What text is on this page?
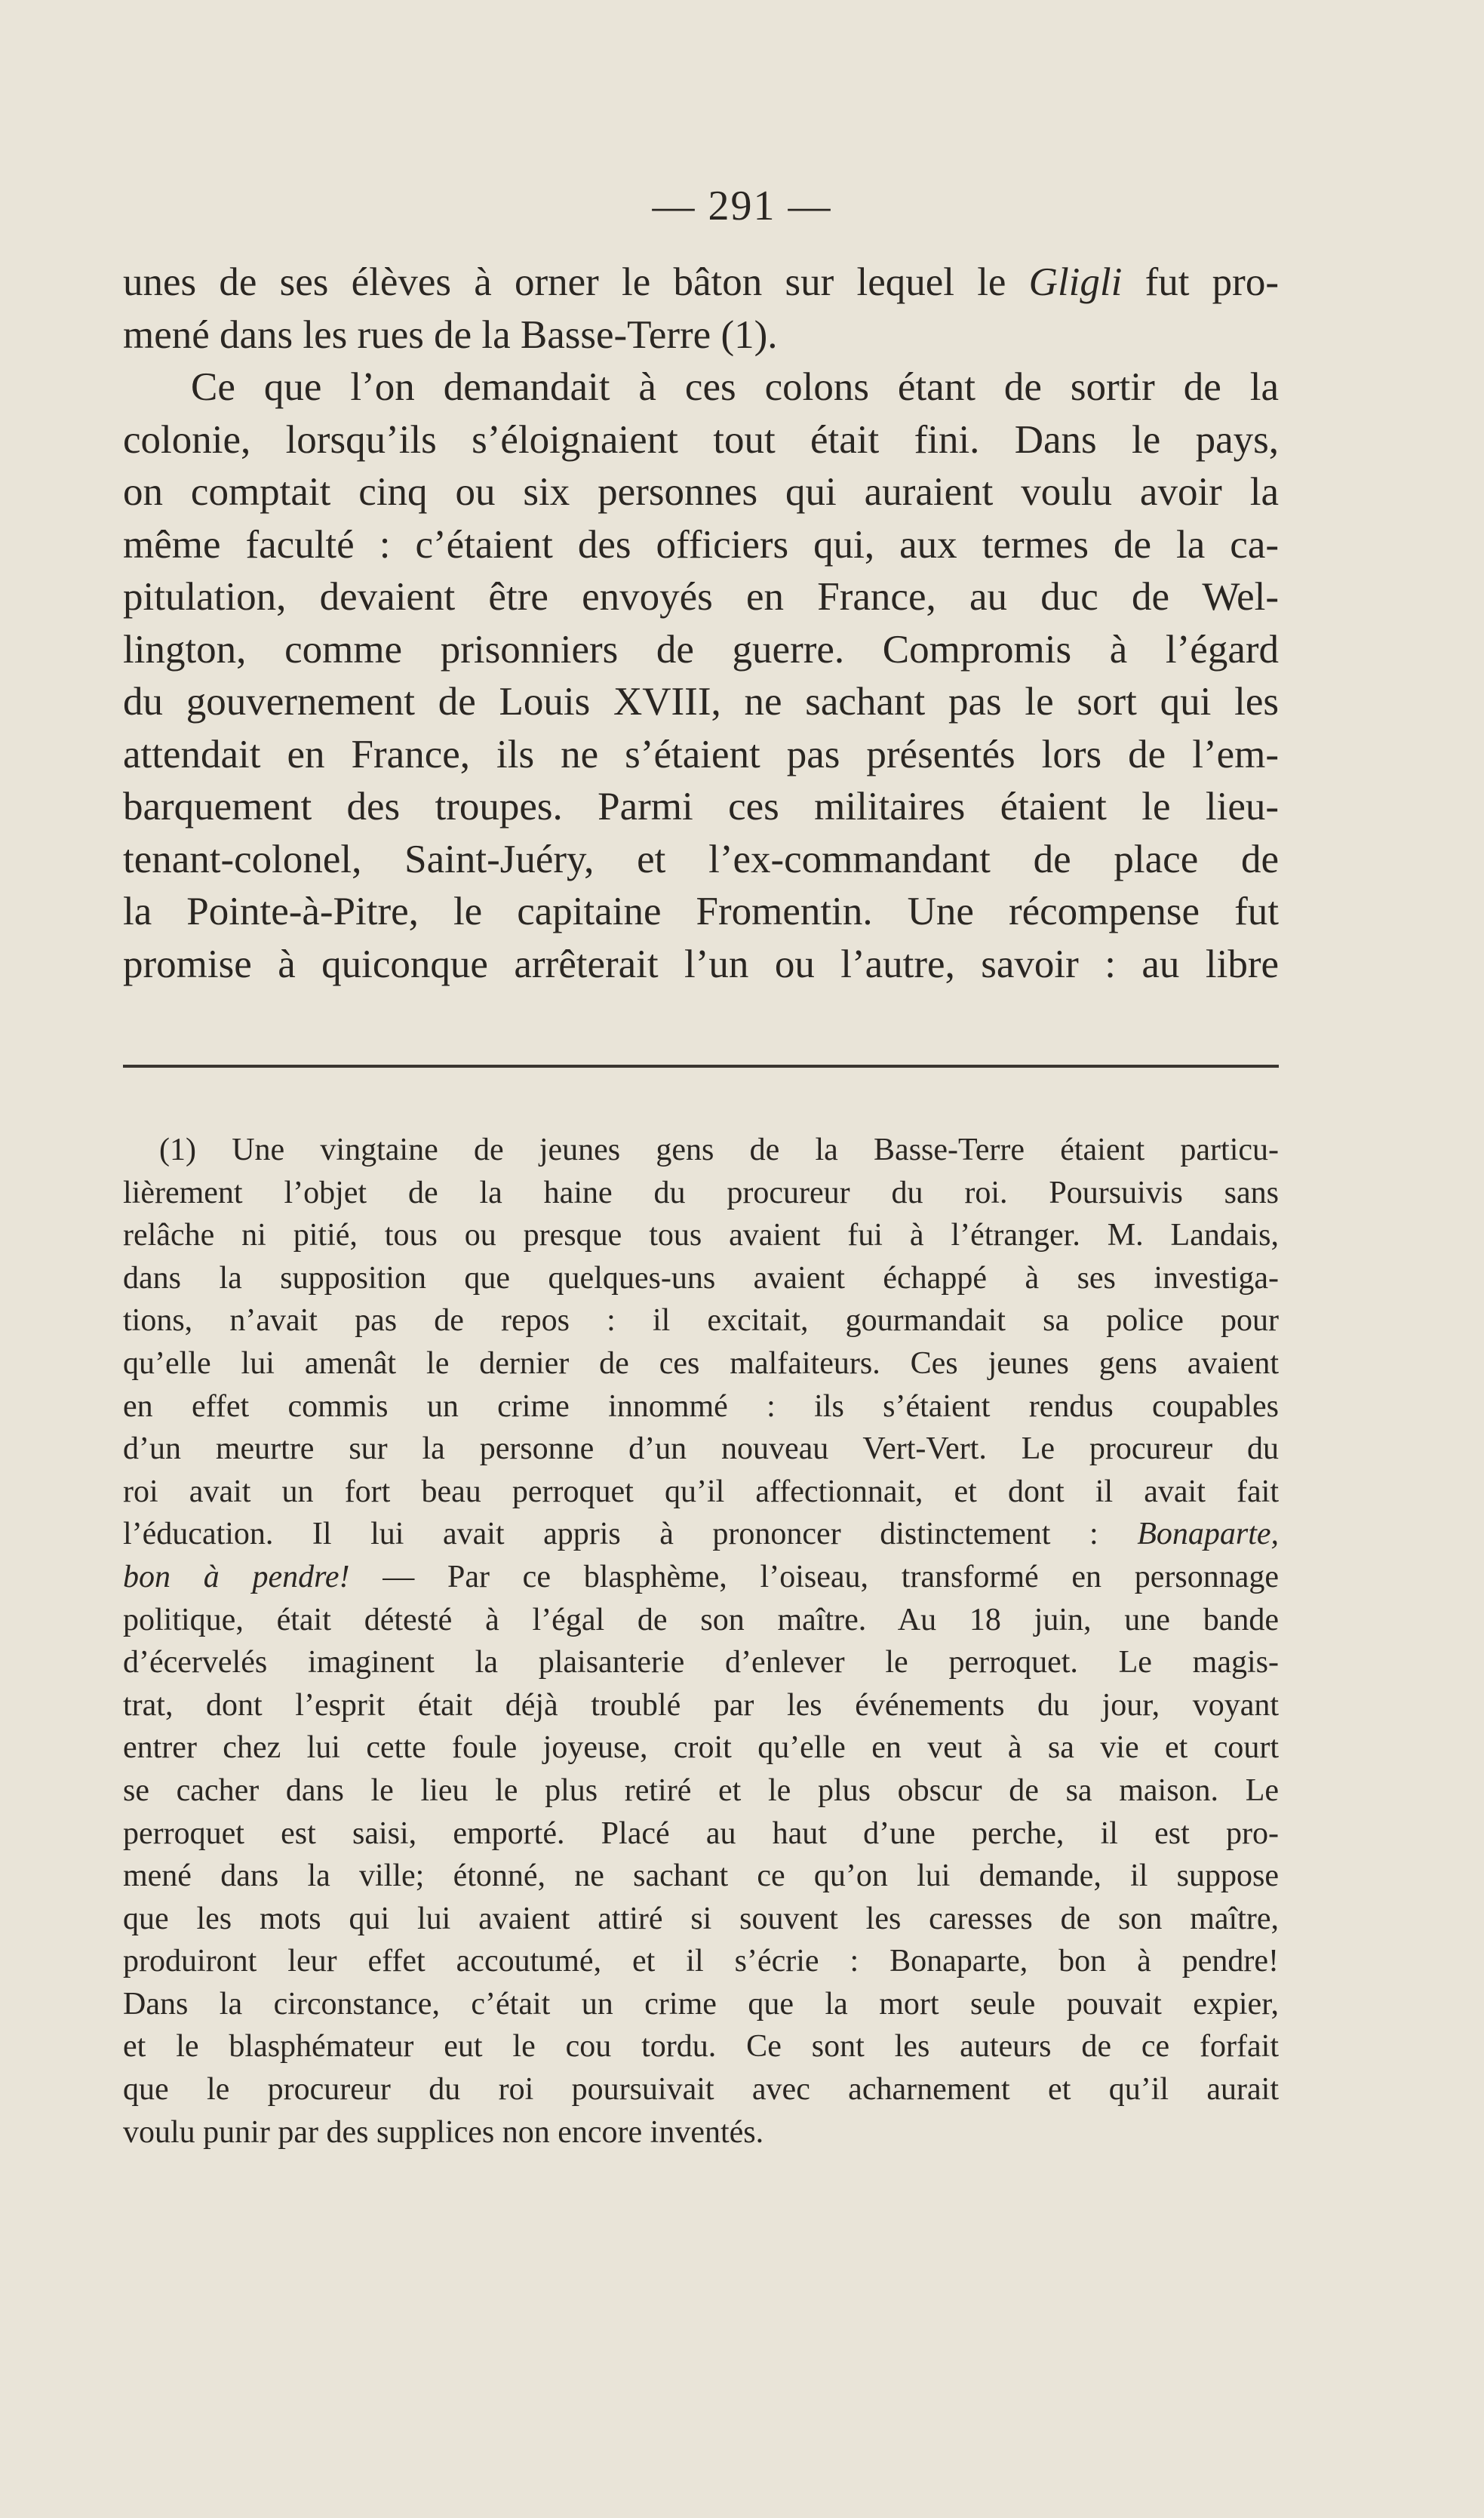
— 291 —
unes de ses élèves à orner le bâton sur lequel le Gligli fut pro-
mené dans les rues de la Basse-Terre (1).
Ce que l’on demandait à ces colons étant de sortir de la
colonie, lorsqu’ils s’éloignaient tout était fini. Dans le pays,
on comptait cinq ou six personnes qui auraient voulu avoir la
même faculté : c’étaient des officiers qui, aux termes de la ca-
pitulation, devaient être envoyés en France, au duc de Wel-
lington, comme prisonniers de guerre. Compromis à l’égard
du gouvernement de Louis XVIII, ne sachant pas le sort qui les
attendait en France, ils ne s’étaient pas présentés lors de l’em-
barquement des troupes. Parmi ces militaires étaient le lieu-
tenant-colonel, Saint-Juéry, et l’ex-commandant de place de
la Pointe-à-Pitre, le capitaine Fromentin. Une récompense fut
promise à quiconque arrêterait l’un ou l’autre, savoir : au libre
(1) Une vingtaine de jeunes gens de la Basse-Terre étaient particu-
lièrement l’objet de la haine du procureur du roi. Poursuivis sans
relâche ni pitié, tous ou presque tous avaient fui à l’étranger. M. Landais,
dans la supposition que quelques-uns avaient échappé à ses investiga-
tions, n’avait pas de repos : il excitait, gourmandait sa police pour
qu’elle lui amenât le dernier de ces malfaiteurs. Ces jeunes gens avaient
en effet commis un crime innommé : ils s’étaient rendus coupables
d’un meurtre sur la personne d’un nouveau Vert-Vert. Le procureur du
roi avait un fort beau perroquet qu’il affectionnait, et dont il avait fait
l’éducation. Il lui avait appris à prononcer distinctement : Bonaparte,
bon à pendre! — Par ce blasphème, l’oiseau, transformé en personnage
politique, était détesté à l’égal de son maître. Au 18 juin, une bande
d’écervelés imaginent la plaisanterie d’enlever le perroquet. Le magis-
trat, dont l’esprit était déjà troublé par les événements du jour, voyant
entrer chez lui cette foule joyeuse, croit qu’elle en veut à sa vie et court
se cacher dans le lieu le plus retiré et le plus obscur de sa maison. Le
perroquet est saisi, emporté. Placé au haut d’une perche, il est pro-
mené dans la ville; étonné, ne sachant ce qu’on lui demande, il suppose
que les mots qui lui avaient attiré si souvent les caresses de son maître,
produiront leur effet accoutumé, et il s’écrie : Bonaparte, bon à pendre!
Dans la circonstance, c’était un crime que la mort seule pouvait expier,
et le blasphémateur eut le cou tordu. Ce sont les auteurs de ce forfait
que le procureur du roi poursuivait avec acharnement et qu’il aurait
voulu punir par des supplices non encore inventés.
